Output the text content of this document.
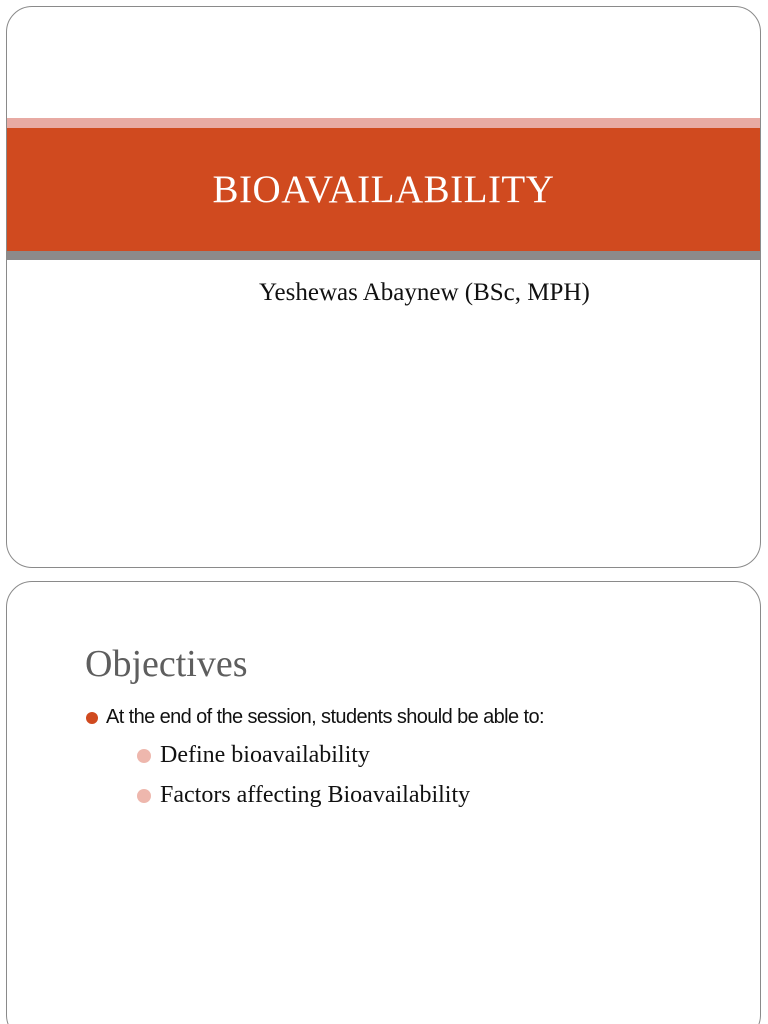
BIOAVAILABILITY
Yeshewas Abaynew (BSc, MPH)
Objectives
At the end of the session, students should be able to:
Define bioavailability
Factors affecting Bioavailability
